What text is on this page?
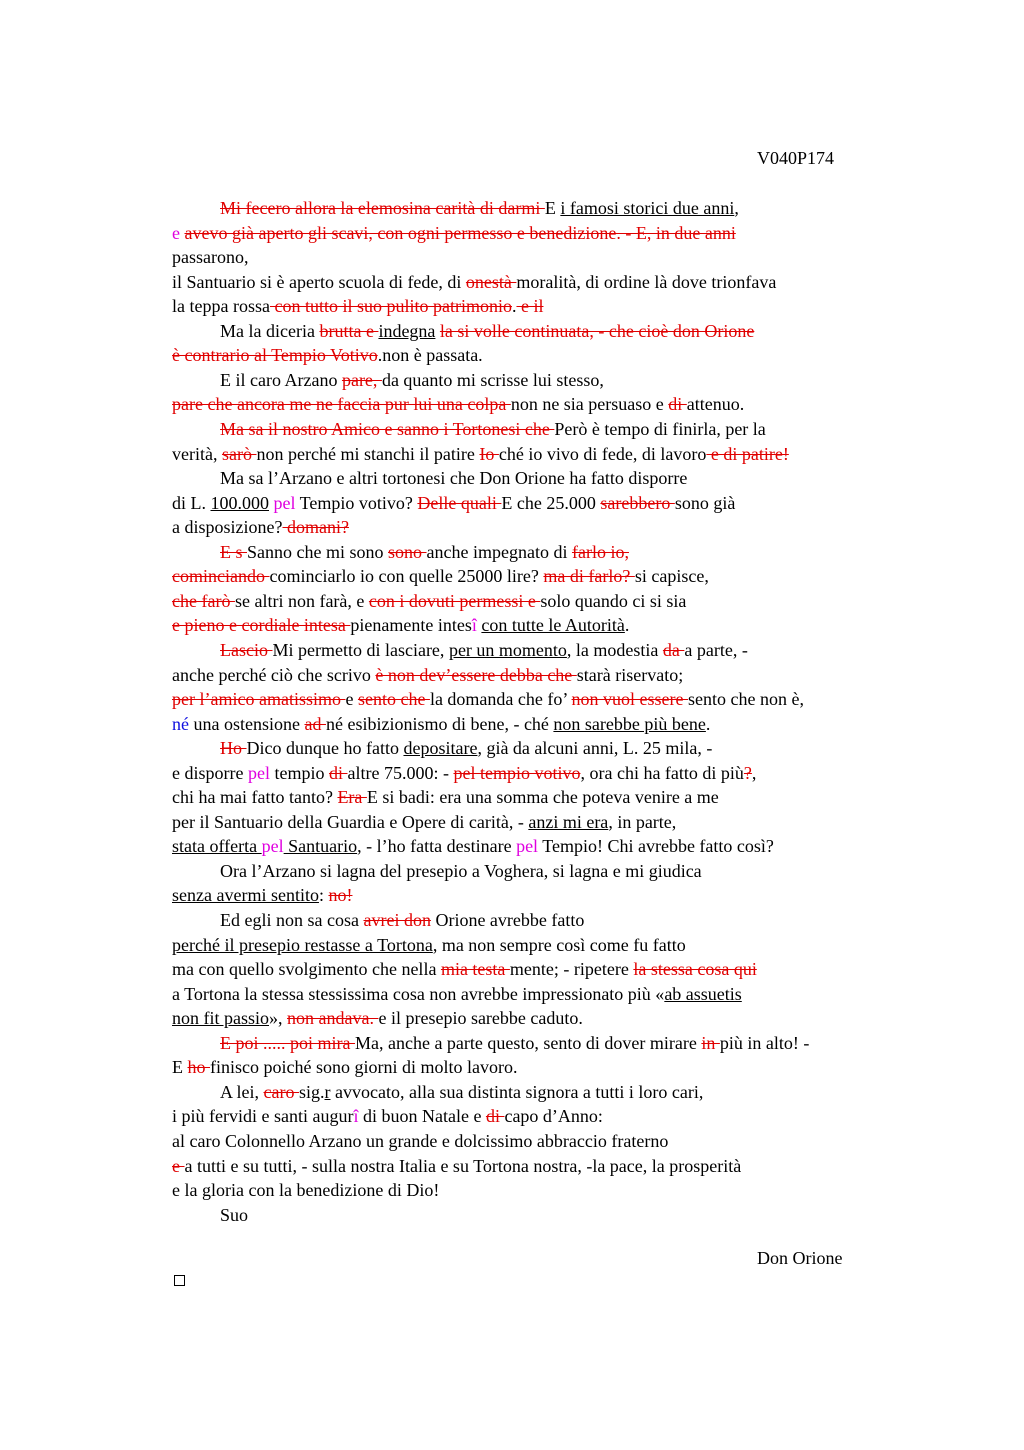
V040P174
Mi fecero allora la elemosina carità di darmi E i famosi storici due anni,
e avevo già aperto gli scavi, con ogni permesso e benedizione. - E, in due anni
passarono,
il Santuario si è aperto scuola di fede, di onestà moralità, di ordine là dove trionfava
la teppa rossa con tutto il suo pulito patrimonio. e il
Ma la diceria brutta e indegna la si volle continuata, - che cioè don Orione
è contrario al Tempio Votivo.non è passata.
E il caro Arzano pare, da quanto mi scrisse lui stesso,
pare che ancora me ne faccia pur lui una colpa non ne sia persuaso e di attenuo.
Ma sa il nostro Amico e sanno i Tortonesi che Però è tempo di finirla, per la
verità, sarò non perché mi stanchi il patire Io ché io vivo di fede, di lavoro e di patire!
Ma sa l’Arzano e altri tortonesi che Don Orione ha fatto disporre
di L. 100.000 pel Tempio votivo? Delle quali E che 25.000 sarebbero sono già
a disposizione? domani?
E s Sanno che mi sono sono anche impegnato di farlo io,
cominciando cominciarlo io con quelle 25000 lire? ma di farlo? si capisce,
che farò se altri non farà, e con i dovuti permessi e solo quando ci si sia
e pieno e cordiale intesa pienamente intesî con tutte le Autorità.
Lascio Mi permetto di lasciare, per un momento, la modestia da a parte, -
anche perché ciò che scrivo è non dev’essere debba che starà riservato;
per l’amico amatissimo e sento che la domanda che fo’ non vuol essere sento che non è,
né una ostensione ad né esibizionismo di bene, - ché non sarebbe più bene.
Ho Dico dunque ho fatto depositare, già da alcuni anni, L. 25 mila, -
e disporre pel tempio di altre 75.000: - pel tempio votivo, ora chi ha fatto di più?,
chi ha mai fatto tanto? Era E si badi: era una somma che poteva venire a me
per il Santuario della Guardia e Opere di carità, - anzi mi era, in parte,
stata offerta pel Santuario, - l’ho fatta destinare pel Tempio! Chi avrebbe fatto così?
Ora l’Arzano si lagna del presepio a Voghera, si lagna e mi giudica
senza avermi sentito: no!
Ed egli non sa cosa avrei don Orione avrebbe fatto
perché il presepio restasse a Tortona, ma non sempre così come fu fatto
ma con quello svolgimento che nella mia testa mente; - ripetere la stessa cosa qui
a Tortona la stessa stessissima cosa non avrebbe impressionato più «ab assuetis
non fit passio», non andava. e il presepio sarebbe caduto.
E poi ..... poi mira Ma, anche a parte questo, sento di dover mirare in più in alto! -
E ho finisco poiché sono giorni di molto lavoro.
A lei, caro sig.r avvocato, alla sua distinta signora a tutti i loro cari,
i più fervidi e santi augurî di buon Natale e di capo d’Anno:
al caro Colonnello Arzano un grande e dolcissimo abbraccio fraterno
e a tutti e su tutti, - sulla nostra Italia e su Tortona nostra, -la pace, la prosperità
e la gloria con la benedizione di Dio!
Suo
Don Orione
